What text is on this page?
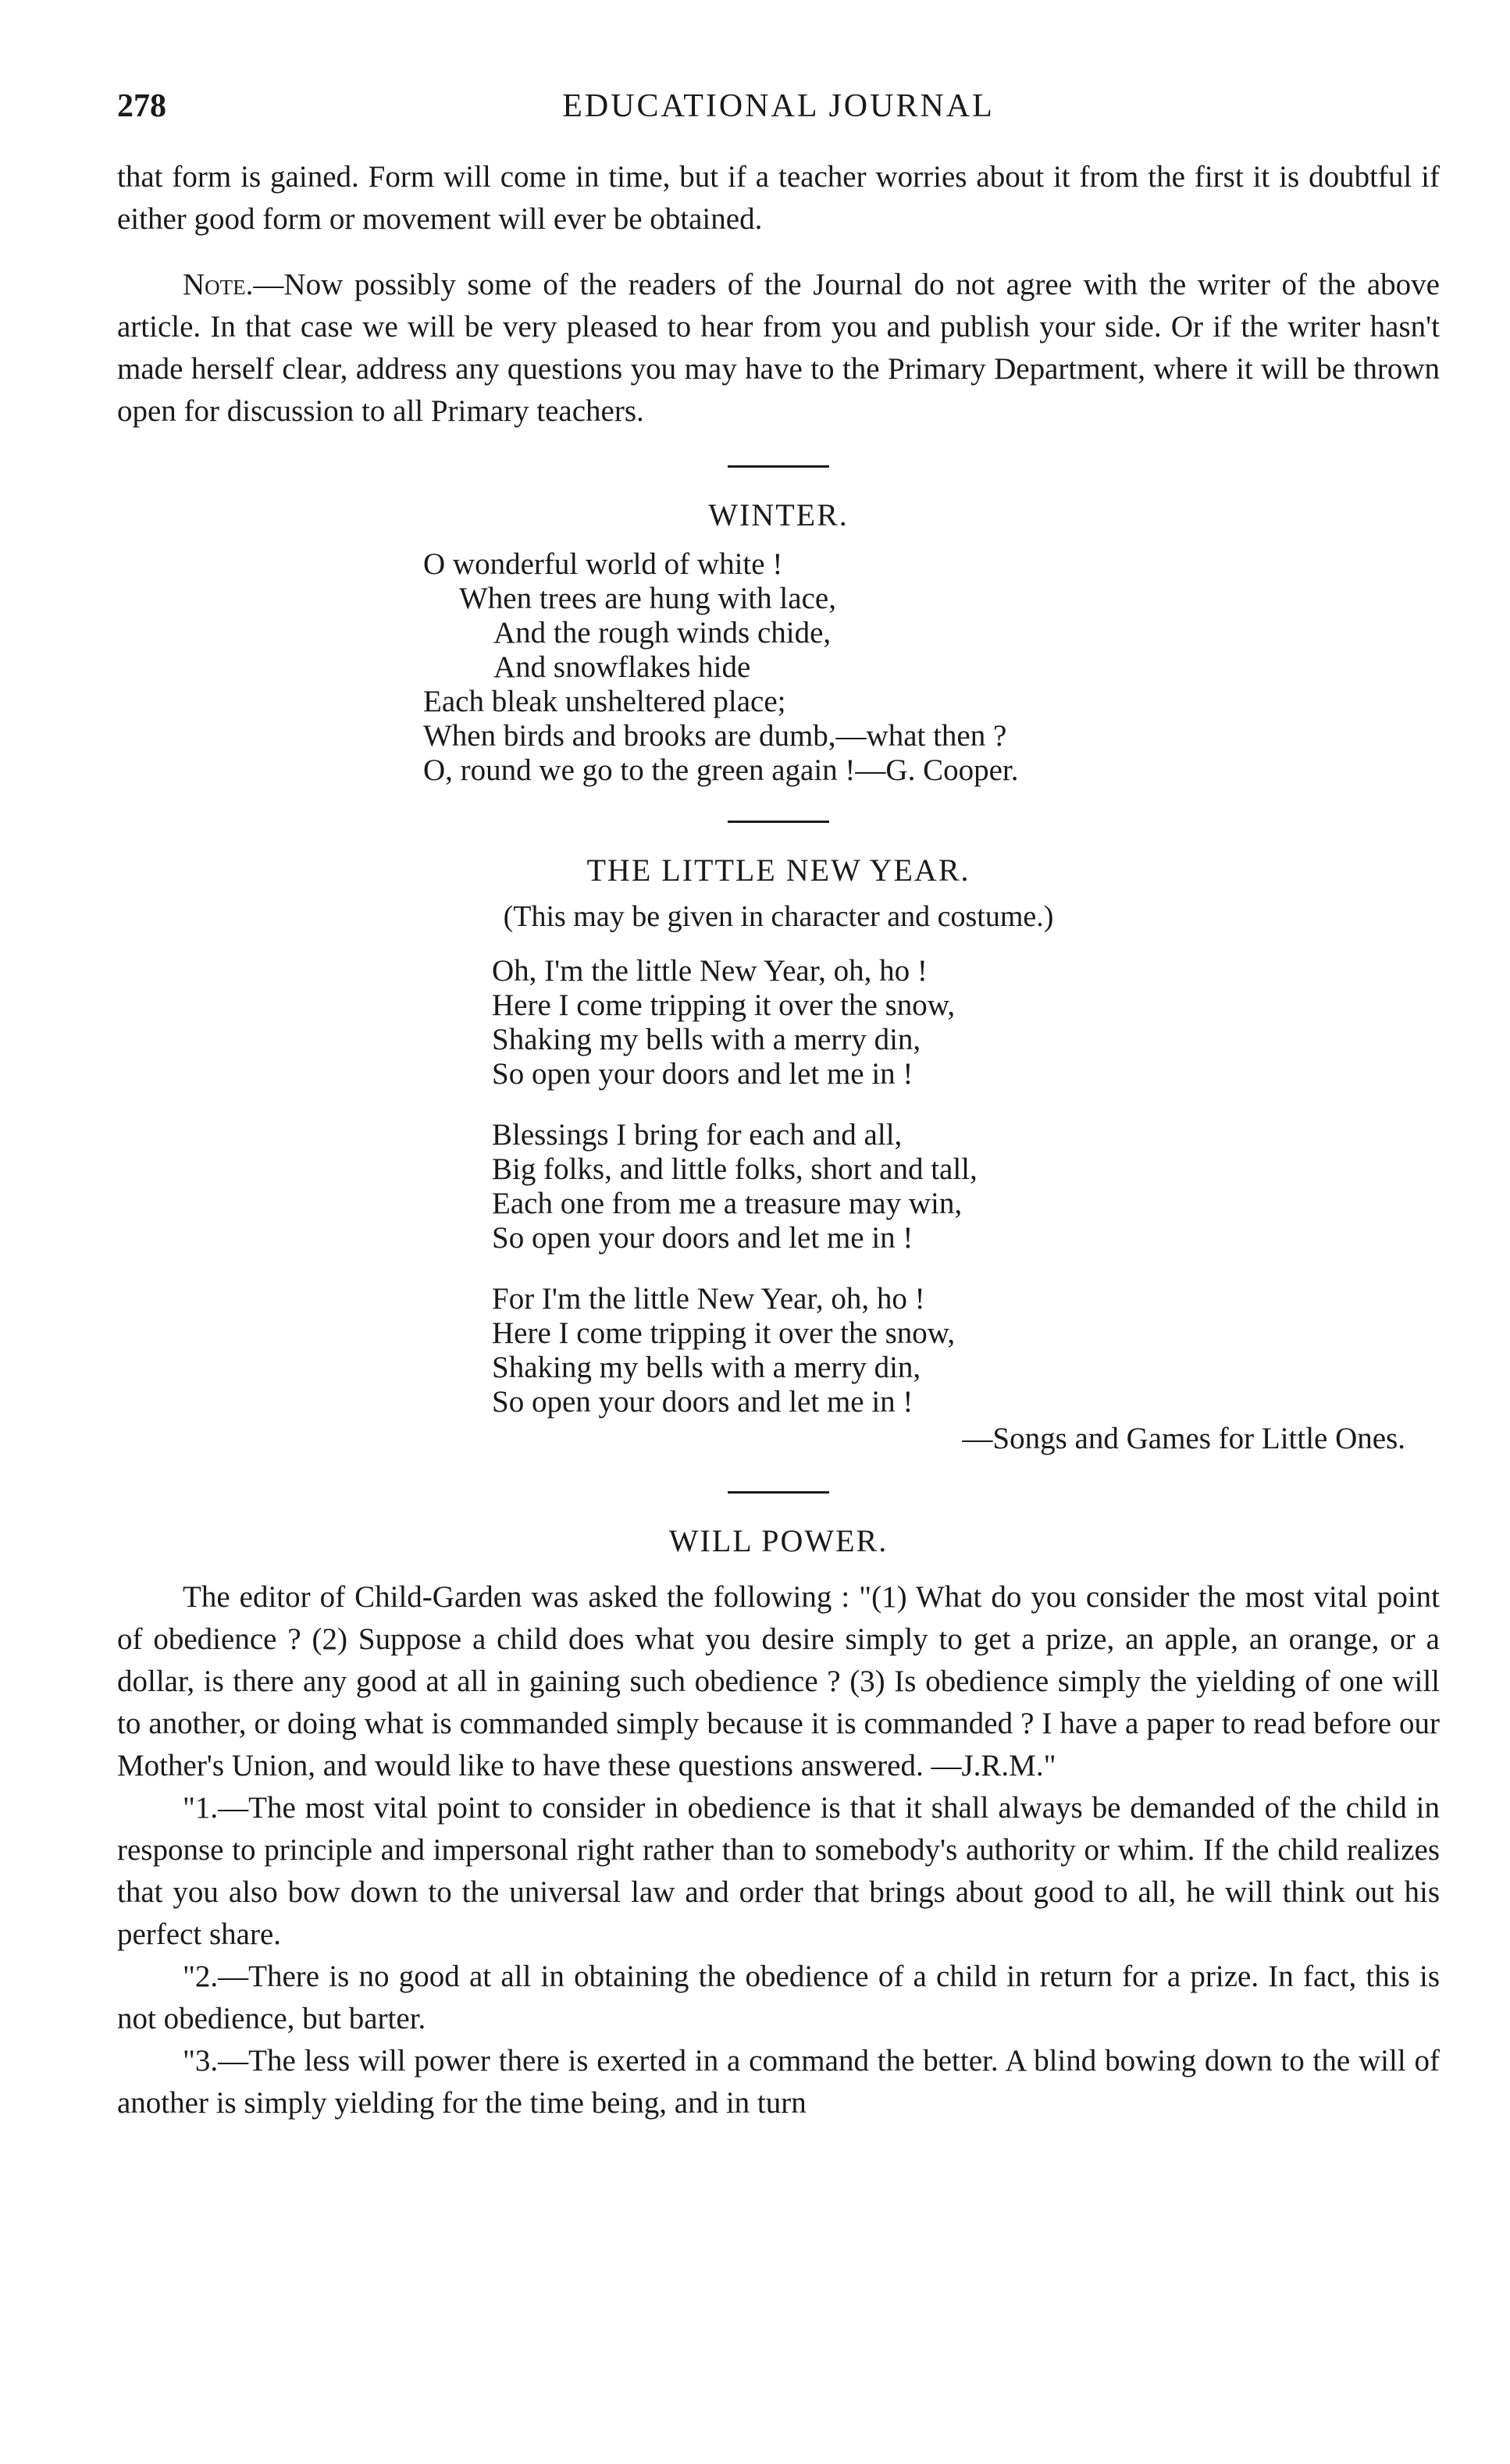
278	EDUCATIONAL JOURNAL

that form is gained. Form will come in time, but if a teacher worries about it from the first it is doubtful if either good form or movement will ever be obtained.

Note.—Now possibly some of the readers of the Journal do not agree with the writer of the above article. In that case we will be very pleased to hear from you and publish your side. Or if the writer hasn't made herself clear, address any questions you may have to the Primary Department, where it will be thrown open for discussion to all Primary teachers.

WINTER.

O wonderful world of white !
When trees are hung with lace,
And the rough winds chide,
And snowflakes hide
Each bleak unsheltered place;
When birds and brooks are dumb,—what then ?
O, round we go to the green again !—G. Cooper.

THE LITTLE NEW YEAR.

(This may be given in character and costume.)

Oh, I'm the little New Year, oh, ho !
Here I come tripping it over the snow,
Shaking my bells with a merry din,
So open your doors and let me in !
Blessings I bring for each and all,
Big folks, and little folks, short and tall,
Each one from me a treasure may win,
So open your doors and let me in !
For I'm the little New Year, oh, ho !
Here I come tripping it over the snow,
Shaking my bells with a merry din,
So open your doors and let me in !
—Songs and Games for Little Ones.

WILL POWER.

The editor of Child-Garden was asked the following : "(1) What do you consider the most vital point of obedience ? (2) Suppose a child does what you desire simply to get a prize, an apple, an orange, or a dollar, is there any good at all in gaining such obedience ? (3) Is obedience simply the yielding of one will to another, or doing what is commanded simply because it is commanded ? I have a paper to read before our Mother's Union, and would like to have these questions answered. —J.R.M."

"1.—The most vital point to consider in obedience is that it shall always be demanded of the child in response to principle and impersonal right rather than to somebody's authority or whim. If the child realizes that you also bow down to the universal law and order that brings about good to all, he will think out his perfect share.

"2.—There is no good at all in obtaining the obedience of a child in return for a prize. In fact, this is not obedience, but barter.

"3.—The less will power there is exerted in a command the better. A blind bowing down to the will of another is simply yielding for the time being, and in turn
